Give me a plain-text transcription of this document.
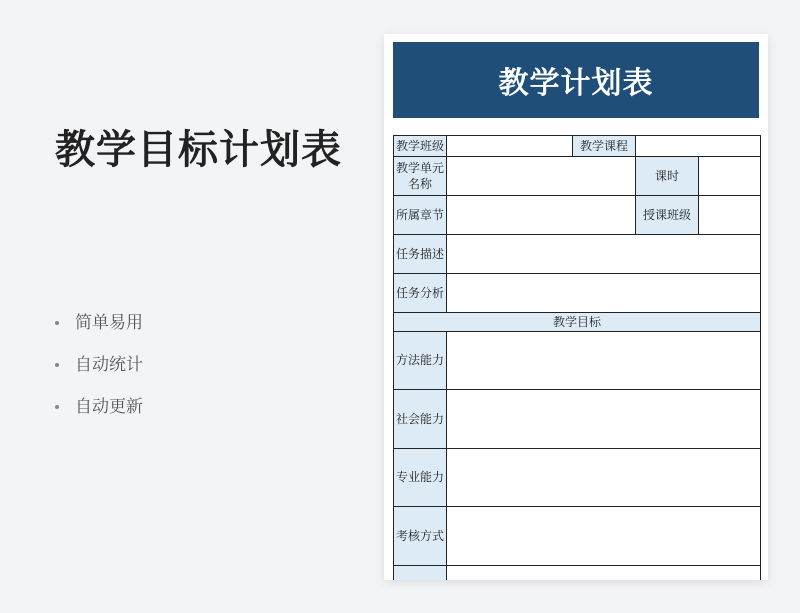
教学目标计划表
简单易用
自动统计
自动更新
教学计划表
教学班级		教学课程		
教学单元名称			课时	
所属章节			授课班级	
任务描述				
任务分析				
教学目标				
方法能力				
社会能力				
专业能力				
考核方式				
